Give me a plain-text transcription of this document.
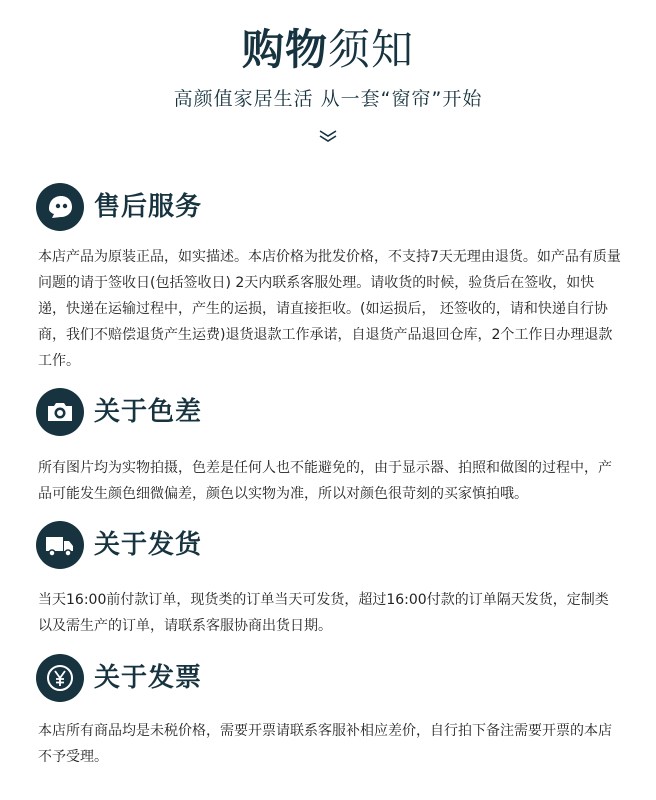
购物须知
高颜值家居生活 从一套“窗帘”开始
售后服务
本店产品为原装正品，如实描述。本店价格为批发价格，不支持7天无理由退货。如产品有质量问题的请于签收日(包括签收日) 2天内联系客服处理。请收货的时候，验货后在签收，如快递，快递在运输过程中，产生的运损，请直接拒收。(如运损后， 还签收的，请和快递自行协商，我们不赔偿退货产生运费)退货退款工作承诺，自退货产品退回仓库，2个工作日办理退款工作。
关于色差
所有图片均为实物拍摄，色差是任何人也不能避免的，由于显示器、拍照和做图的过程中，产品可能发生颜色细微偏差，颜色以实物为准，所以对颜色很苛刻的买家慎拍哦。
关于发货
当天16:00前付款订单，现货类的订单当天可发货，超过16:00付款的订单隔天发货，定制类以及需生产的订单，请联系客服协商出货日期。
关于发票
本店所有商品均是未税价格，需要开票请联系客服补相应差价，自行拍下备注需要开票的本店不予受理。
